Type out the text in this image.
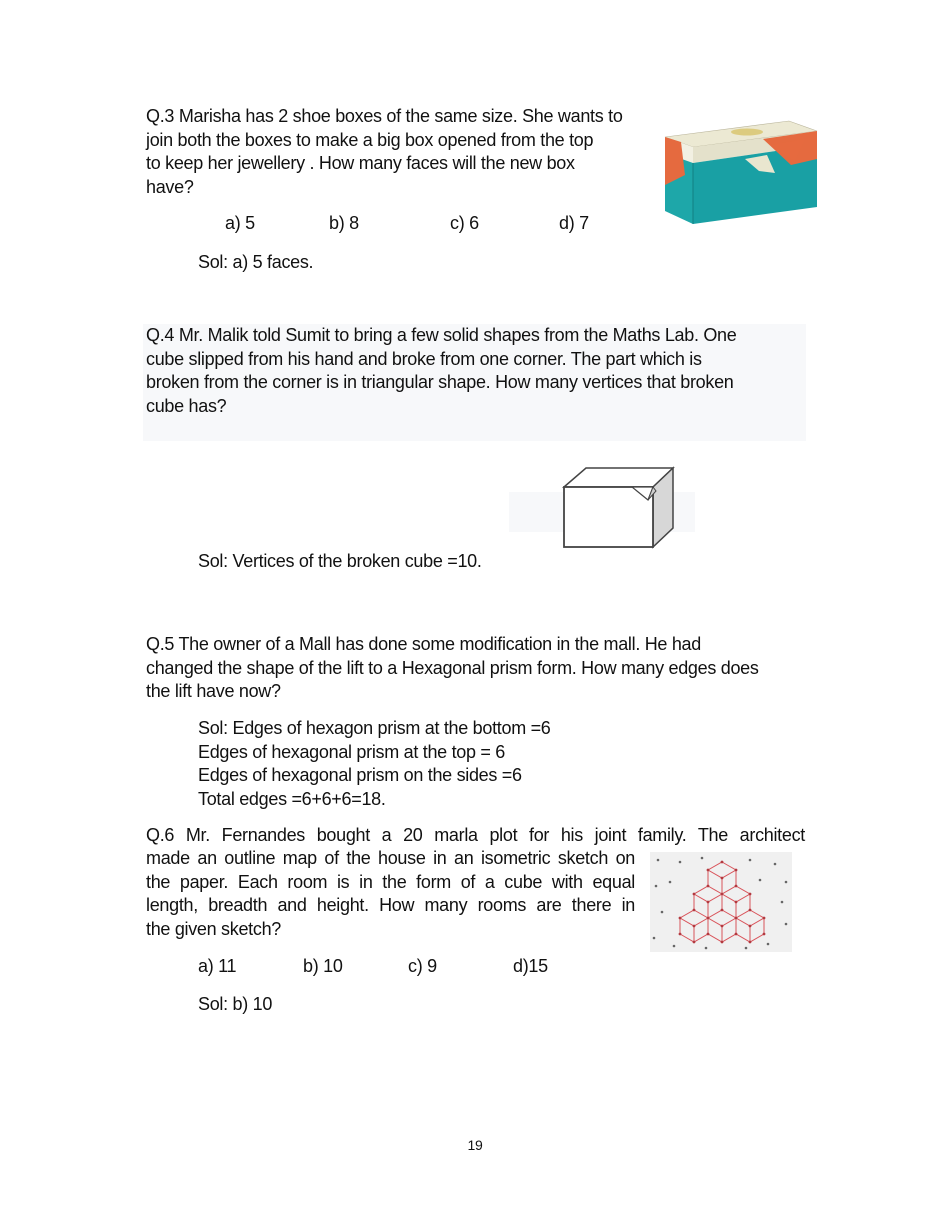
Q.3 Marisha has 2 shoe boxes of the same size. She wants to
join both the boxes to make a big box opened from the top
to keep her jewellery . How many faces will the new box
have?
a) 5	b) 8	c) 6	d) 7
Sol: a) 5 faces.
Q.4 Mr. Malik told Sumit to bring a few solid shapes from the Maths Lab. One
cube slipped from his hand and broke from one corner. The part which is
broken from the corner is in triangular shape. How many vertices that broken
cube has?
Sol: Vertices of the broken cube =10.
Q.5 The owner of a Mall has done some modification in the mall. He had
changed the shape of the lift to a Hexagonal prism form. How many edges does
the lift have now?
Sol: Edges of hexagon prism at the bottom =6
Edges of hexagonal prism at the top = 6
Edges of hexagonal prism on the sides =6
Total edges =6+6+6=18.
Q.6 Mr. Fernandes bought a 20 marla plot for his joint family. The architect
made an outline map of the house in an isometric sketch on
the paper. Each room is in the form of a cube with equal
length, breadth and height. How many rooms are there in
the given sketch?
a) 11	b) 10	c) 9	d)15
Sol: b) 10
19
